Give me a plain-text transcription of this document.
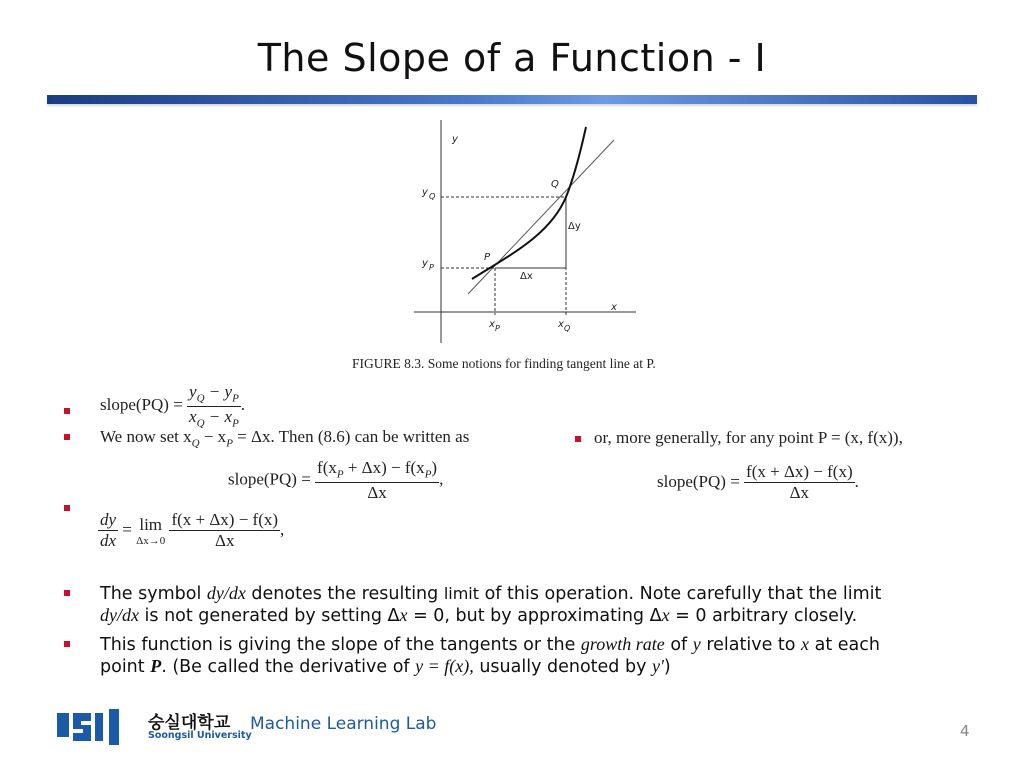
The Slope of a Function - I
y
x
y Q
y P
x P	x Q
P
Q
Δx
Δy
FIGURE 8.3. Some notions for finding tangent line at P.
slope(PQ) = $\frac{y_Q - y_P}{x_Q - x_P}$ .
We now set $x_Q - x_P = \Delta x$. Then (8.6) can be written as
slope(PQ) = $\frac{f(x_P + \Delta x) - f(x_P)}{\Delta x}$ ,
or, more generally, for any point P = (x, f(x)),
slope(PQ) = $\frac{f(x + \Delta x) - f(x)}{\Delta x}$ .
$\frac{dy}{dx} = \lim$
Δx→0
$\frac{f(x + \Delta x) - f(x)}{\Delta x}$ ,
The symbol dy/dx denotes the resulting limit of this operation. Note carefully that the limit
dy/dx is not generated by setting Δx = 0, but by approximating Δx = 0 arbitrary closely.
This function is giving the slope of the tangents or the growth rate of y relative to x at each
point P. (Be called the derivative of y = f(x), usually denoted by y')
숭실대학교
Soongsil University
Machine Learning Lab	4
